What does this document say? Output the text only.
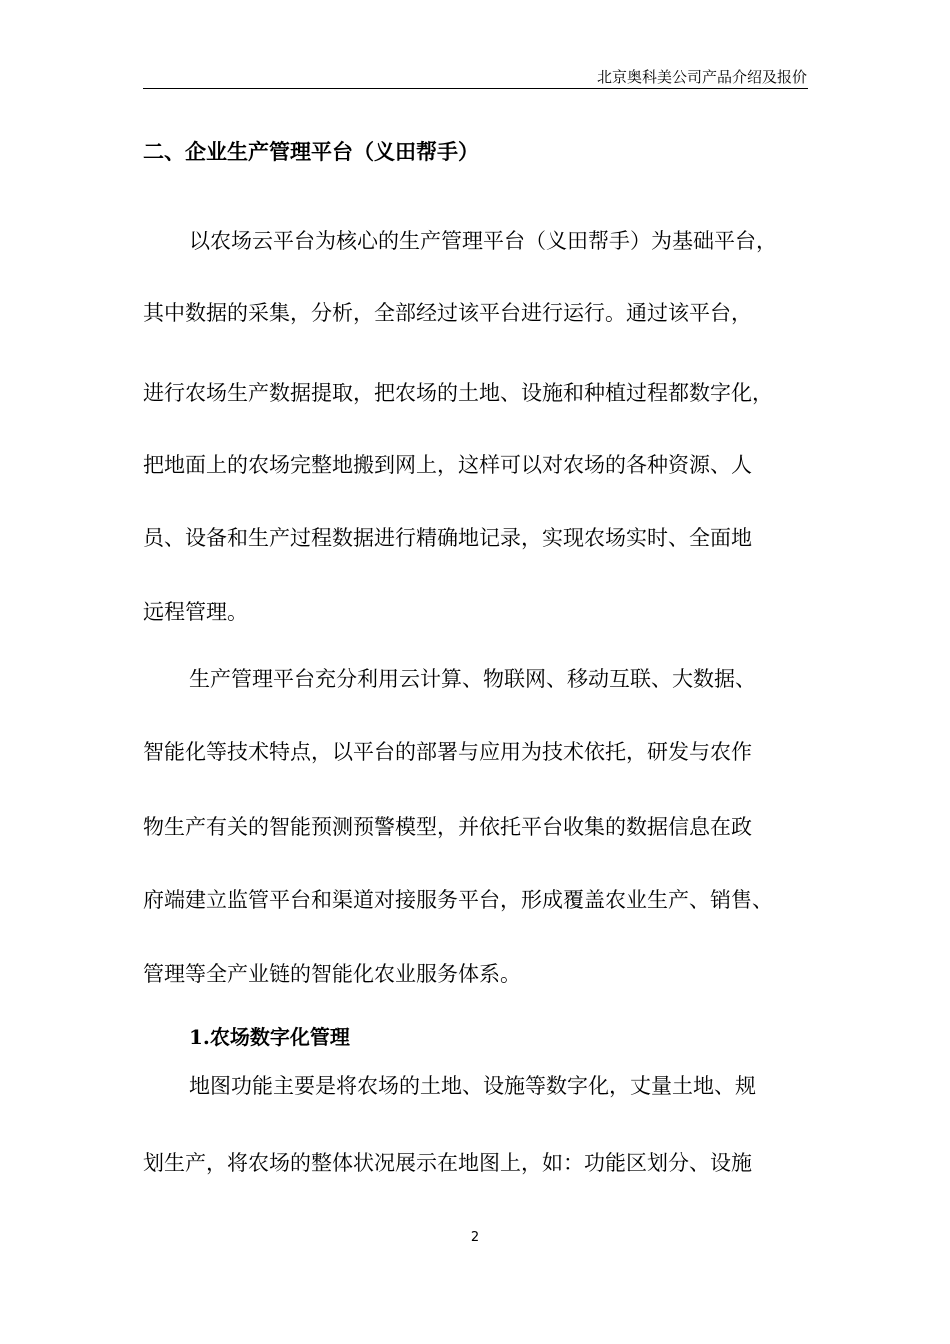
北京奥科美公司产品介绍及报价
二、企业生产管理平台（义田帮手）
以农场云平台为核心的生产管理平台（义田帮手）为基础平台，
其中数据的采集，分析，全部经过该平台进行运行。通过该平台，
进行农场生产数据提取，把农场的土地、设施和种植过程都数字化，
把地面上的农场完整地搬到网上，这样可以对农场的各种资源、人
员、设备和生产过程数据进行精确地记录，实现农场实时、全面地
远程管理。
生产管理平台充分利用云计算、物联网、移动互联、大数据、
智能化等技术特点，以平台的部署与应用为技术依托，研发与农作
物生产有关的智能预测预警模型，并依托平台收集的数据信息在政
府端建立监管平台和渠道对接服务平台，形成覆盖农业生产、销售、
管理等全产业链的智能化农业服务体系。
1.农场数字化管理
地图功能主要是将农场的土地、设施等数字化，丈量土地、规
划生产，将农场的整体状况展示在地图上，如：功能区划分、设施
2
